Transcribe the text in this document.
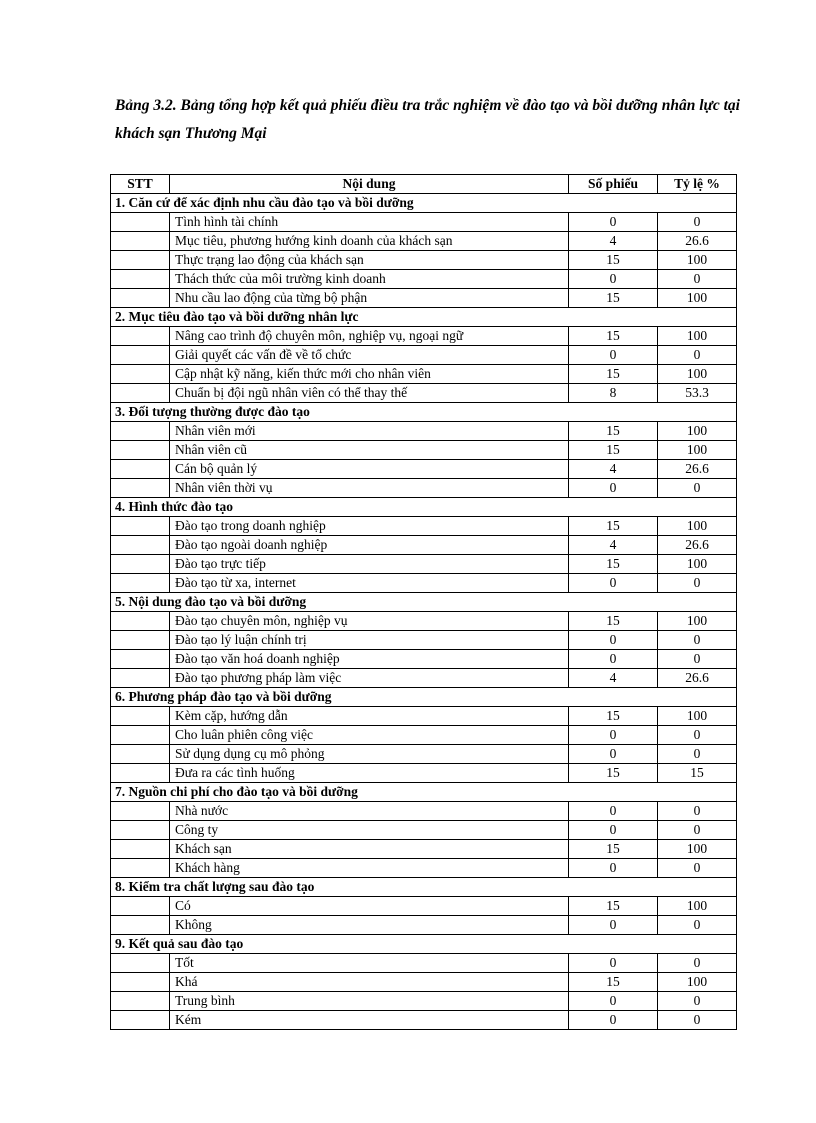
Bảng 3.2. Bảng tổng hợp kết quả phiếu điều tra trắc nghiệm về đào tạo và bồi dưỡng nhân lực tại khách sạn Thương Mại
STT	Nội dung	Số phiếu	Tỷ lệ %
1. Căn cứ để xác định nhu cầu đào tạo và bồi dưỡng			
	Tình hình tài chính	0	0
	Mục tiêu, phương hướng kinh doanh của khách sạn	4	26.6
	Thực trạng lao động của khách sạn	15	100
	Thách thức của môi trường kinh doanh	0	0
	Nhu cầu lao động của từng bộ phận	15	100
2. Mục tiêu đào tạo và bồi dưỡng nhân lực			
	Nâng cao trình độ chuyên môn, nghiệp vụ, ngoại ngữ	15	100
	Giải quyết các vấn đề về tổ chức	0	0
	Cập nhật kỹ năng, kiến thức mới cho nhân viên	15	100
	Chuẩn bị đội ngũ nhân viên có thể thay thế	8	53.3
3. Đối tượng thường được đào tạo			
	Nhân viên mới	15	100
	Nhân viên cũ	15	100
	Cán bộ quản lý	4	26.6
	Nhân viên thời vụ	0	0
4. Hình thức đào tạo			
	Đào tạo trong doanh nghiệp	15	100
	Đào tạo ngoài doanh nghiệp	4	26.6
	Đào tạo trực tiếp	15	100
	Đào tạo từ xa, internet	0	0
5. Nội dung đào tạo và bồi dưỡng			
	Đào tạo chuyên môn, nghiệp vụ	15	100
	Đào tạo lý luận chính trị	0	0
	Đào tạo văn hoá doanh nghiệp	0	0
	Đào tạo phương pháp làm việc	4	26.6
6. Phương pháp đào tạo và bồi dưỡng			
	Kèm cặp, hướng dẫn	15	100
	Cho luân phiên công việc	0	0
	Sử dụng dụng cụ mô phỏng	0	0
	Đưa ra các tình huống	15	15
7. Nguồn chi phí cho đào tạo và bồi dưỡng			
	Nhà nước	0	0
	Công ty	0	0
	Khách sạn	15	100
	Khách hàng	0	0
8. Kiểm tra chất lượng sau đào tạo			
	Có	15	100
	Không	0	0
9. Kết quả sau đào tạo			
	Tốt	0	0
	Khá	15	100
	Trung bình	0	0
	Kém	0	0
